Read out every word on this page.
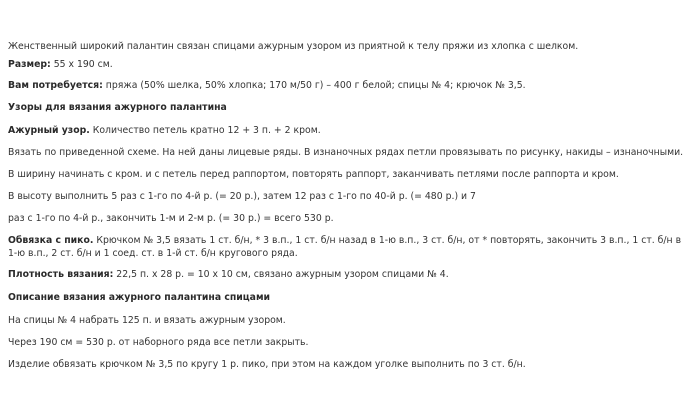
Женственный широкий палантин связан спицами ажурным узором из приятной к телу пряжи из хлопка с шелком.

Размер: 55 х 190 см.

Вам потребуется: пряжа (50% шелка, 50% хлопка; 170 м/50 г) – 400 г белой; спицы № 4; крючок № 3,5.

Узоры для вязания ажурного палантина

Ажурный узор. Количество петель кратно 12 + 3 п. + 2 кром.

Вязать по приведенной схеме. На ней даны лицевые ряды. В изнаночных рядах петли провязывать по рисунку, накиды – изнаночными.

В ширину начинать с кром. и с петель перед раппортом, повторять раппорт, заканчивать петлями после раппорта и кром.

В высоту выполнить 5 раз с 1-го по 4-й р. (= 20 р.), затем 12 раз с 1-го по 40-й р. (= 480 р.) и 7

раз с 1-го по 4-й р., закончить 1-м и 2-м р. (= 30 р.) = всего 530 р.

Обвязка с пико. Крючком № 3,5 вязать 1 ст. б/н, * 3 в.п., 1 ст. б/н назад в 1-ю в.п., 3 ст. б/н, от * повторять, закончить 3 в.п., 1 ст. б/н в 1-ю в.п., 2 ст. б/н и 1 соед. ст. в 1-й ст. б/н кругового ряда.

Плотность вязания: 22,5 п. х 28 р. = 10 х 10 см, связано ажурным узором спицами № 4.

Описание вязания ажурного палантина спицами

На спицы № 4 набрать 125 п. и вязать ажурным узором.

Через 190 см = 530 р. от наборного ряда все петли закрыть.

Изделие обвязать крючком № 3,5 по кругу 1 р. пико, при этом на каждом уголке выполнить по 3 ст. б/н.
